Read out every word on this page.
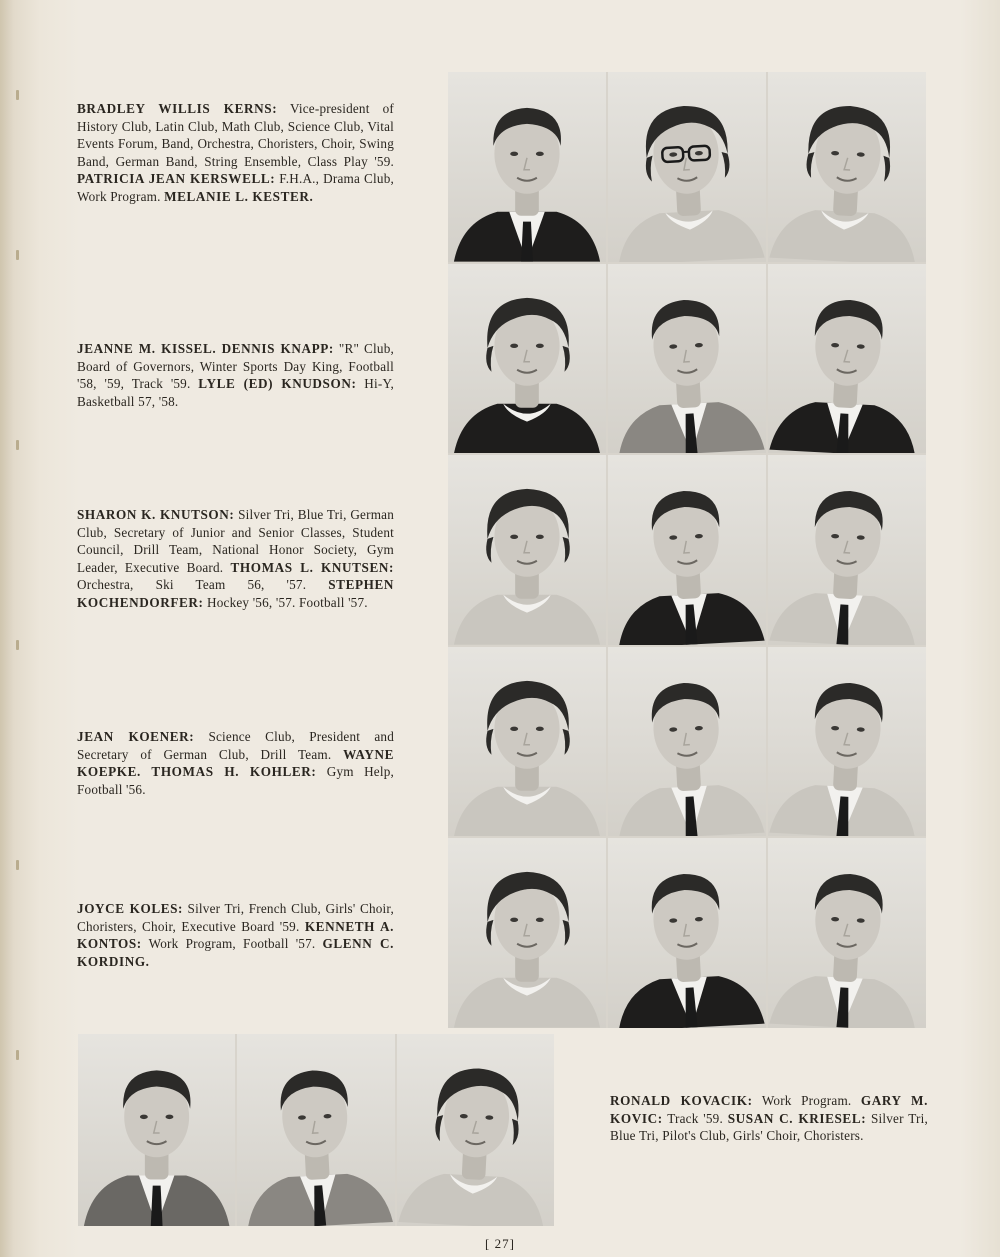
BRADLEY WILLIS KERNS: Vice-president of History Club, Latin Club, Math Club, Science Club, Vital Events Forum, Band, Orchestra, Choristers, Choir, Swing Band, German Band, String Ensemble, Class Play '59. PATRICIA JEAN KERSWELL: F.H.A., Drama Club, Work Program. MELANIE L. KESTER.
JEANNE M. KISSEL. DENNIS KNAPP: "R" Club, Board of Governors, Winter Sports Day King, Football '58, '59, Track '59. LYLE (ED) KNUDSON: Hi-Y, Basketball 57, '58.
SHARON K. KNUTSON: Silver Tri, Blue Tri, German Club, Secretary of Junior and Senior Classes, Student Council, Drill Team, National Honor Society, Gym Leader, Executive Board. THOMAS L. KNUTSEN: Orchestra, Ski Team 56, '57. STEPHEN KOCHENDORFER: Hockey '56, '57. Football '57.
JEAN KOENER: Science Club, President and Secretary of German Club, Drill Team. WAYNE KOEPKE. THOMAS H. KOHLER: Gym Help, Football '56.
JOYCE KOLES: Silver Tri, French Club, Girls' Choir, Choristers, Choir, Executive Board '59. KENNETH A. KONTOS: Work Program, Football '57. GLENN C. KORDING.
RONALD KOVACIK: Work Program. GARY M. KOVIC: Track '59. SUSAN C. KRIESEL: Silver Tri, Blue Tri, Pilot's Club, Girls' Choir, Choristers.
[ 27]
